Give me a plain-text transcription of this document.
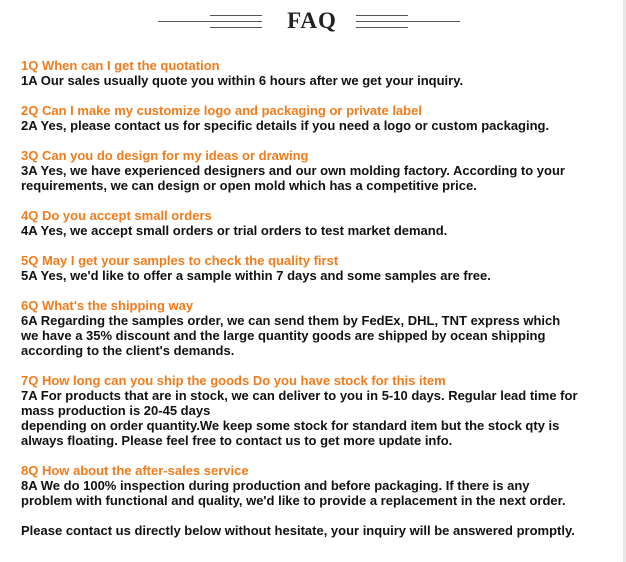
FAQ
1Q When can I get the quotation
1A Our sales usually quote you within 6 hours after we get your inquiry.
2Q Can I make my customize logo and packaging or private label
2A Yes, please contact us for specific details if you need a logo or custom packaging.
3Q Can you do design for my ideas or drawing
3A Yes, we have experienced designers and our own molding factory. According to your
requirements, we can design or open mold which has a competitive price.
4Q Do you accept small orders
4A Yes, we accept small orders or trial orders to test market demand.
5Q May I get your samples to check the quality first
5A Yes, we'd like to offer a sample within 7 days and some samples are free.
6Q What's the shipping way
6A Regarding the samples order, we can send them by FedEx, DHL, TNT express which
we have a 35% discount and the large quantity goods are shipped by ocean shipping
according to the client's demands.
7Q How long can you ship the goods Do you have stock for this item
7A For products that are in stock, we can deliver to you in 5-10 days. Regular lead time for
mass production is 20-45 days
depending on order quantity.We keep some stock for standard item but the stock qty is
always floating. Please feel free to contact us to get more update info.
8Q How about the after-sales service
8A We do 100% inspection during production and before packaging. If there is any
problem with functional and quality, we'd like to provide a replacement in the next order.
Please contact us directly below without hesitate, your inquiry will be answered promptly.
